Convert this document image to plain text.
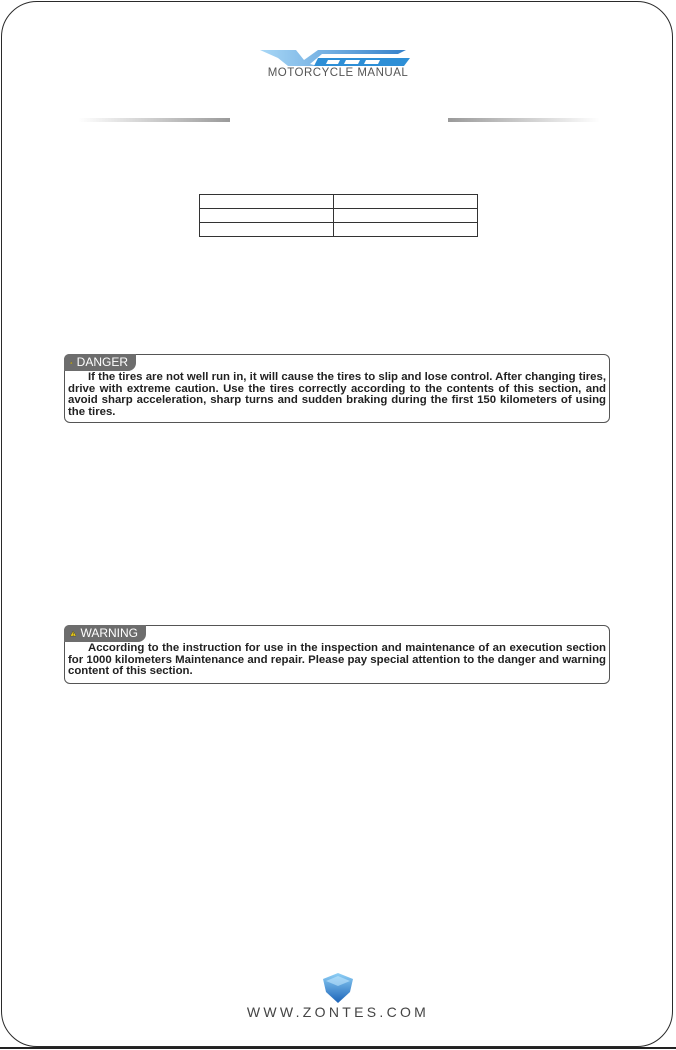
MOTORCYCLE MANUAL

DANGER

If the tires are not well run in, it will cause the tires to slip and lose control. After changing tires, drive with extreme caution. Use the tires correctly according to the contents of this section, and avoid sharp acceleration, sharp turns and sudden braking during the first 150 kilometers of using the tires.

WARNING

According to the instruction for use in the inspection and maintenance of an execution section for 1000 kilometers Maintenance and repair. Please pay special attention to the danger and warning content of this section.

WWW.ZONTES.COM
